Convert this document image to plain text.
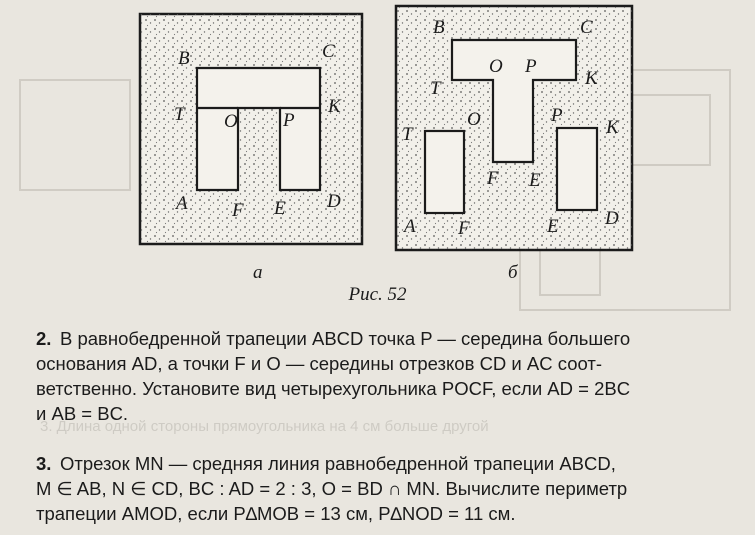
B	C
T O P
K
A F E D
а
B	C
O P
T	K
T
O	P
K
F E
A F	E D
б
Рис. 52
3. Длина одной стороны прямоугольника на 4 см больше другой
2. В равнобедренной трапеции ABCD точка P — середина большего
основания AD, а точки F и O — середины отрезков CD и AC соот-
ветственно. Установите вид четырехугольника POCF, если AD = 2BC
и AB = BC.
3. Отрезок MN — средняя линия равнобедренной трапеции ABCD,
M ∈ AB, N ∈ CD, BC : AD = 2 : 3, O = BD ∩ MN. Вычислите периметр
трапеции AMOD, если P∆MOB = 13 см, P∆NOD = 11 см.
